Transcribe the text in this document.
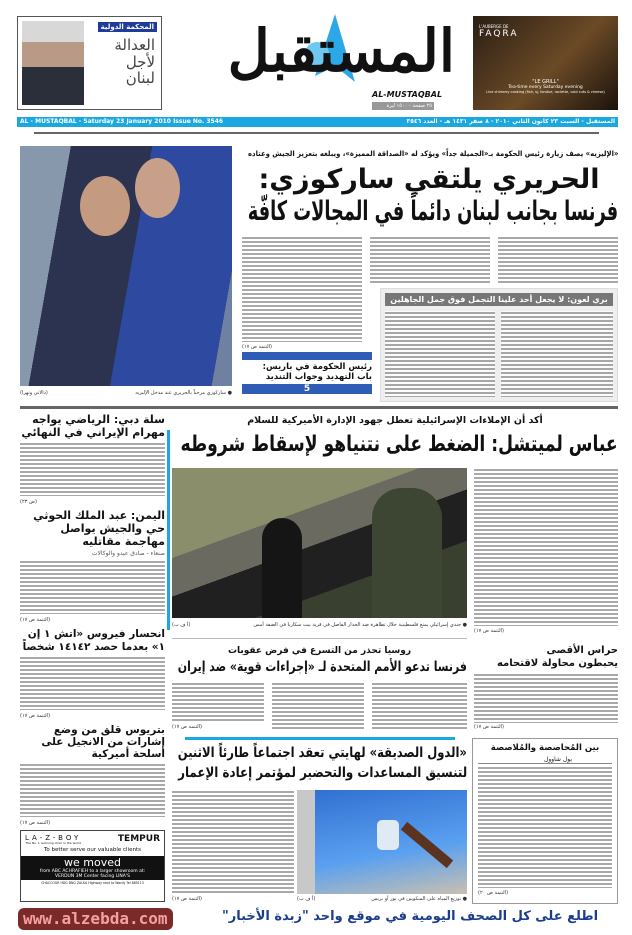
المحكمة الدولية
العدالة
لأجل
لبنان المستقبل
AL-MUSTAQBAL
٢٥ صفحة - ١٥٠٠ ليرة
L'AUBERGE DE
FAQRA
"LE GRILL"
Tea-time every Saturday evening
Live chimney cooking (fish, sj, fondue, raclette, cold cuts & cheese)
AL - MUSTAQBAL - Saturday 23 January 2010 Issue No. 3546	المستقبل - السبت ٢٣ كانون الثاني ٢٠١٠ - ٨ صفر ١٤٣١ هـ - العدد ٣٥٤٦
● ساركوزي مرحباً بالحريري عند مدخل الإليزيه
(دالاتي ونهرا)
«الإليزيه» يصف زيارة رئيس الحكومة بـ«الجميلة جداً» ويؤكد له «الصداقة المميزة»، ويبلغه بتعزيز الجيش وعتاده
الحريري يلتقي ساركوزي:
فرنسا بجانب لبنان دائماً في المجالات كافّة
(التتمة ص ١٧)
رئيس الحكومة في باريس:
باب التهديد وجواب التنديد
5
بري لعون: لا يجعل أحد علينا التجمل فوق جمل الجاهلين
سلة دبي: الرياضي يواجه مهرام الإيراني في النهائي
(ص ٢٣)
اليمن: عبد الملك الحوثي حي والجيش يواصل مهاجمة مقاتليه
صنعاء - صادق عبدو والوكالات
(التتمة ص ١٧)
انحسار فيروس «اتش ١ إن ١» بعدما حصد ١٤١٤٢ شخصاً
(التتمة ص ١٧)
بتريوس قلق من وضع إشارات من الانجيل على أسلحة أميركية
(التتمة ص ١٧)
LA-Z-BOY
The No. 1 reclining chair in the world	TEMPUR
To better serve our valuable clients
we moved
from ABC ACHRAFIEH to a larger showroom at:
VERDUN 3M Center facing LINA'S
CHACCOUR HDG BNG ZALKA Highway next to Wardy Tel 889113
أكد أن الإملاءات الإسرائيلية تعطل جهود الإدارة الأميركية للسلام
عباس لميتشل: الضغط على نتنياهو لإسقاط شروطه
● جندي إسرائيلي يمنع فلسطينية خلال تظاهرة ضد الجدار الفاصل في قرية بيت سكاريا في الضفة أمس
(أ ف ب)
(التتمة ص ١٧)
روسيا تحذر من التسرع في فرض عقوبات
فرنسا تدعو الأمم المتحدة لـ «إجراءات قوية» ضد إيران
(التتمة ص ١٧)
حراس الأقصى
يحبطون محاولة لاقتحامه
(التتمة ص ١٧)
«الدول الصديقة» لهايتي تعقد اجتماعاً طارئاً الاثنين
لتنسيق المساعدات والتحضير لمؤتمر إعادة الإعمار
(التتمة ص ١٧)	● توزيع المياه على المنكوبين في بور أو برنس
(أ ف ب)
بين المُحاصصة والمُلاصصة
بول شاوول
(التتمة ص ٢٠)
www.alzebda.com	اطلع على كل الصحف اليومية في موقع واحد "زبدة الأخبار"
